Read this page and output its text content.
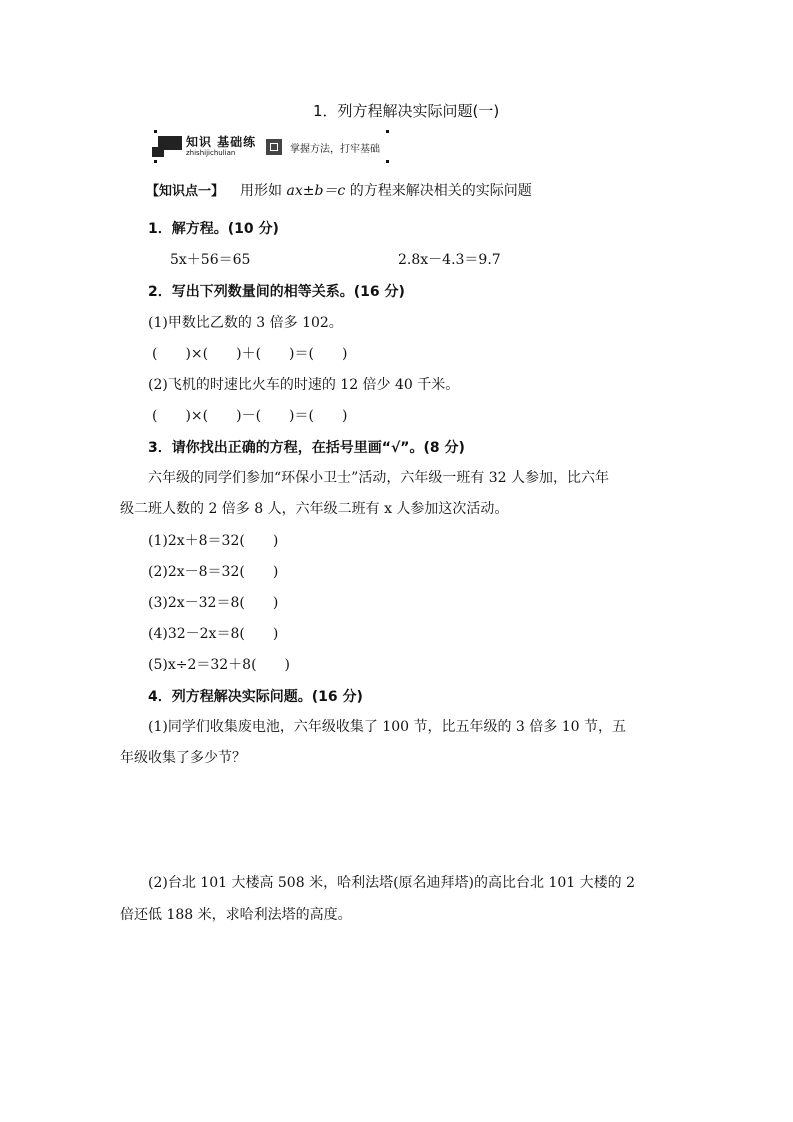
1．列方程解决实际问题(一)
知识 基础练
zhishijichulian	掌握方法，打牢基础
【知识点一】 用形如 ax±b＝c 的方程来解决相关的实际问题
1．解方程。(10 分)
5x＋56＝65	2.8x－4.3＝9.7
2．写出下列数量间的相等关系。(16 分)
(1)甲数比乙数的 3 倍多 102。
(　　)×(　　)＋(　　)＝(　　)
(2)飞机的时速比火车的时速的 12 倍少 40 千米。
(　　)×(　　)－(　　)＝(　　)
3．请你找出正确的方程，在括号里画“√”。(8 分)
六年级的同学们参加“环保小卫士”活动，六年级一班有 32 人参加，比六年
级二班人数的 2 倍多 8 人，六年级二班有 x 人参加这次活动。
(1)2x＋8＝32(　　)
(2)2x－8＝32(　　)
(3)2x－32＝8(　　)
(4)32－2x＝8(　　)
(5)x÷2＝32＋8(　　)
4．列方程解决实际问题。(16 分)
(1)同学们收集废电池，六年级收集了 100 节，比五年级的 3 倍多 10 节，五
年级收集了多少节？
(2)台北 101 大楼高 508 米，哈利法塔(原名迪拜塔)的高比台北 101 大楼的 2
倍还低 188 米，求哈利法塔的高度。
